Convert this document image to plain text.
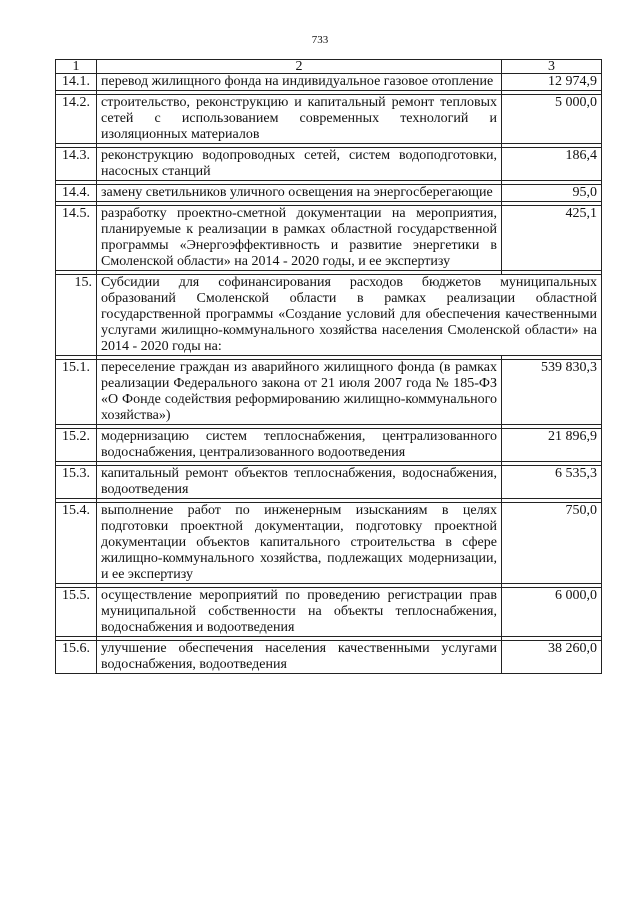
733
1	2	3
14.1.	перевод жилищного фонда на индивидуальное газовое отопление	12 974,9

14.2.	строительство, реконструкцию и капитальный ремонт тепловых сетей с использованием современных технологий и изоляционных материалов	5 000,0

14.3.	реконструкцию водопроводных сетей, систем водоподготовки, насосных станций	186,4

14.4.	замену светильников уличного освещения на энергосберегающие	95,0

14.5.	разработку проектно-сметной документации на мероприятия, планируемые к реализации в рамках областной государственной программы «Энергоэффективность и развитие энергетики в Смоленской области» на 2014 - 2020 годы, и ее экспертизу	425,1

15.	Субсидии для софинансирования расходов бюджетов муниципальных образований Смоленской области в рамках реализации областной государственной программы «Создание условий для обеспечения качественными услугами жилищно-коммунального хозяйства населения Смоленской области» на 2014 - 2020 годы на:	

15.1.	переселение граждан из аварийного жилищного фонда (в рамках реализации Федерального закона от 21 июля 2007 года № 185-ФЗ «О Фонде содействия реформированию жилищно-коммунального хозяйства»)	539 830,3

15.2.	модернизацию систем теплоснабжения, централизованного водоснабжения, централизованного водоотведения	21 896,9

15.3.	капитальный ремонт объектов теплоснабжения, водоснабжения, водоотведения	6 535,3

15.4.	выполнение работ по инженерным изысканиям в целях подготовки проектной документации, подготовку проектной документации объектов капитального строительства в сфере жилищно-коммунального хозяйства, подлежащих модернизации, и ее экспертизу	750,0

15.5.	осуществление мероприятий по проведению регистрации прав муниципальной собственности на объекты теплоснабжения, водоснабжения и водоотведения	6 000,0

15.6.	улучшение обеспечения населения качественными услугами водоснабжения, водоотведения	38 260,0
